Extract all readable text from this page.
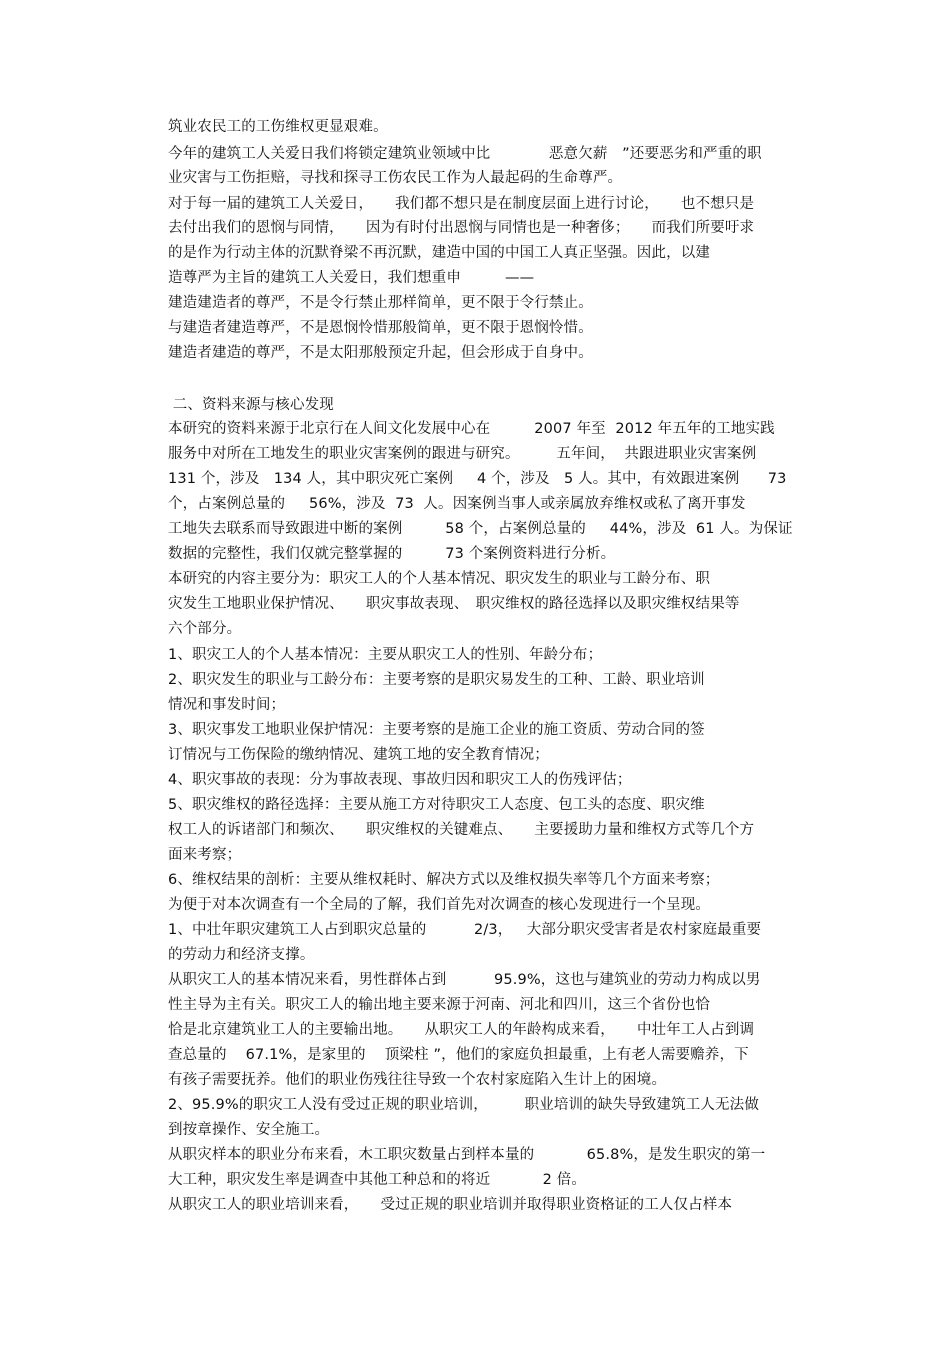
筑业农民工的工伤维权更显艰难。
今年的建筑工人关爱日我们将锁定建筑业领域中比　　　　恶意欠薪　”还要恶劣和严重的职
业灾害与工伤拒赔，寻找和探寻工伤农民工作为人最起码的生命尊严。
对于每一届的建筑工人关爱日，　　我们都不想只是在制度层面上进行讨论，　　也不想只是
去付出我们的恩悯与同情，　　因为有时付出恩悯与同情也是一种奢侈；　　而我们所要吁求
的是作为行动主体的沉默脊梁不再沉默，建造中国的中国工人真正坚强。因此，以建
造尊严为主旨的建筑工人关爱日，我们想重申　　　——
建造建造者的尊严，不是令行禁止那样简单，更不限于令行禁止。
与建造者建造尊严，不是恩悯怜惜那般简单，更不限于恩悯怜惜。
建造者建造的尊严，不是太阳那般预定升起，但会形成于自身中。
二、资料来源与核心发现
本研究的资料来源于北京行在人间文化发展中心在　　　2007 年至  2012 年五年的工地实践
服务中对所在工地发生的职业灾害案例的跟进与研究。　　　五年间，  共跟进职业灾害案例
131 个，涉及   134 人，其中职灾死亡案例     4 个，涉及   5 人。其中，有效跟进案例      73
个，占案例总量的     56%，涉及  73  人。因案例当事人或亲属放弃维权或私了离开事发
工地失去联系而导致跟进中断的案例         58 个，占案例总量的     44%，涉及  61 人。为保证
数据的完整性，我们仅就完整掌握的         73 个案例资料进行分析。
本研究的内容主要分为：职灾工人的个人基本情况、职灾发生的职业与工龄分布、职
灾发生工地职业保护情况、　　职灾事故表现、　职灾维权的路径选择以及职灾维权结果等
六个部分。
1、职灾工人的个人基本情况：主要从职灾工人的性别、年龄分布；
2、职灾发生的职业与工龄分布：主要考察的是职灾易发生的工种、工龄、职业培训
情况和事发时间；
3、职灾事发工地职业保护情况：主要考察的是施工企业的施工资质、劳动合同的签
订情况与工伤保险的缴纳情况、建筑工地的安全教育情况；
4、职灾事故的表现：分为事故表现、事故归因和职灾工人的伤残评估；
5、职灾维权的路径选择：主要从施工方对待职灾工人态度、包工头的态度、职灾维
权工人的诉诸部门和频次、　　职灾维权的关键难点、　　主要援助力量和维权方式等几个方
面来考察；
6、维权结果的剖析：主要从维权耗时、解决方式以及维权损失率等几个方面来考察；
为便于对本次调查有一个全局的了解，我们首先对次调查的核心发现进行一个呈现。
1、中壮年职灾建筑工人占到职灾总量的          2/3，   大部分职灾受害者是农村家庭最重要
的劳动力和经济支撑。
从职灾工人的基本情况来看，男性群体占到          95.9%，这也与建筑业的劳动力构成以男
性主导为主有关。职灾工人的输出地主要来源于河南、河北和四川，这三个省份也恰
恰是北京建筑业工人的主要输出地。　　从职灾工人的年龄构成来看，　　中壮年工人占到调
查总量的    67.1%，是家里的    顶梁柱 ”，他们的家庭负担最重，上有老人需要赡养，下
有孩子需要抚养。他们的职业伤残往往导致一个农村家庭陷入生计上的困境。
2、95.9%的职灾工人没有受过正规的职业培训，　　　职业培训的缺失导致建筑工人无法做
到按章操作、安全施工。
从职灾样本的职业分布来看，木工职灾数量占到样本量的           65.8%，是发生职灾的第一
大工种，职灾发生率是调查中其他工种总和的将近           2 倍。
从职灾工人的职业培训来看，　　受过正规的职业培训并取得职业资格证的工人仅占样本
